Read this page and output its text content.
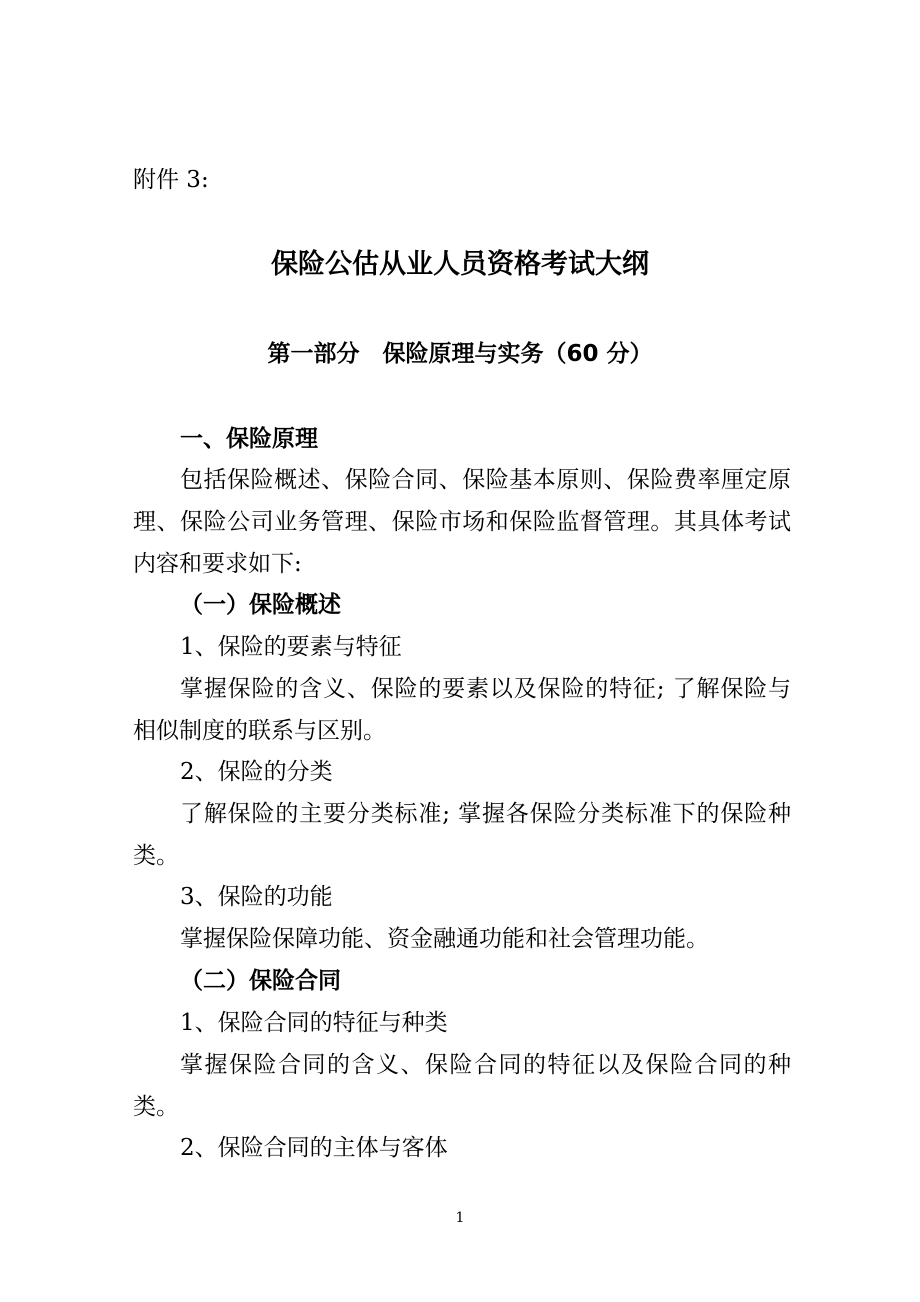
附件 3:
保险公估从业人员资格考试大纲
第一部分　保险原理与实务（60 分）
一、保险原理
包括保险概述、保险合同、保险基本原则、保险费率厘定原理、保险公司业务管理、保险市场和保险监督管理。其具体考试内容和要求如下:
（一）保险概述
1、保险的要素与特征
掌握保险的含义、保险的要素以及保险的特征; 了解保险与相似制度的联系与区别。
2、保险的分类
了解保险的主要分类标准; 掌握各保险分类标准下的保险种类。
3、保险的功能
掌握保险保障功能、资金融通功能和社会管理功能。
（二）保险合同
1、保险合同的特征与种类
掌握保险合同的含义、保险合同的特征以及保险合同的种类。
2、保险合同的主体与客体
1
